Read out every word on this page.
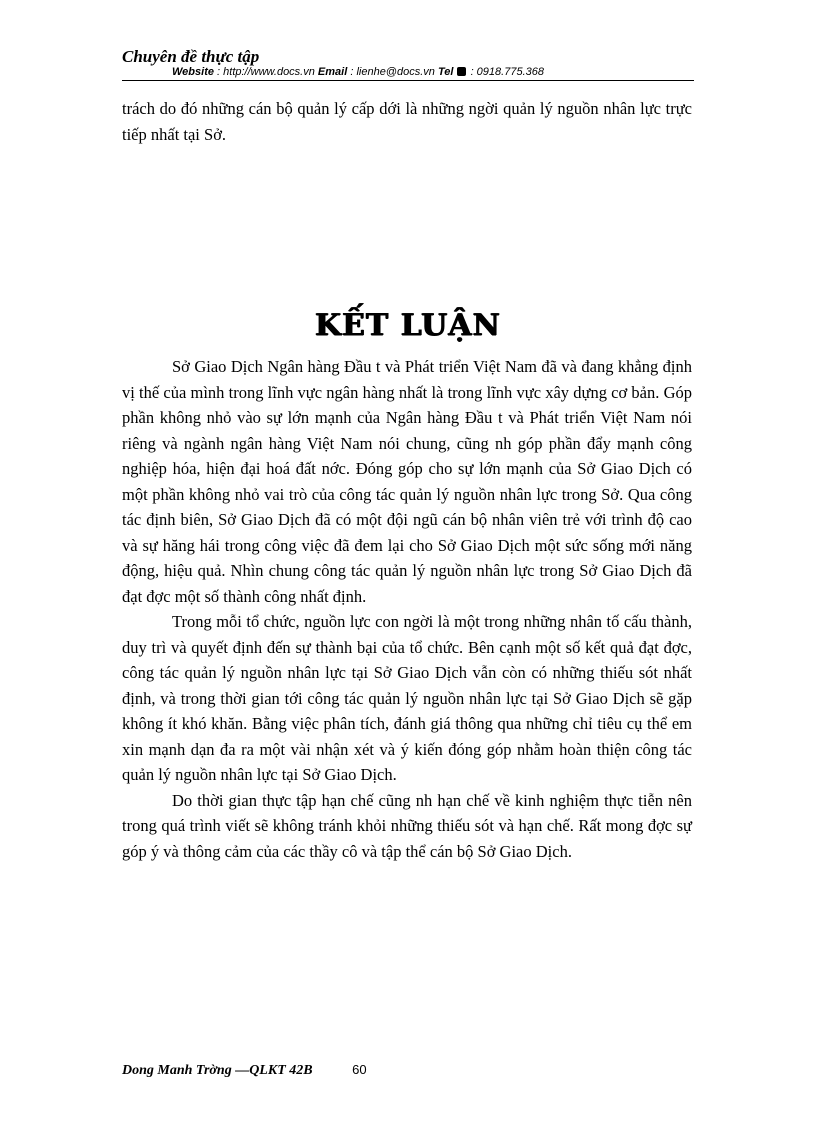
Chuyên đề thực tập
Website : http://www.docs.vn Email : lienhe@docs.vn Tel  : 0918.775.368

trách do đó những cán bộ quản lý cấp dới là những ngời quản lý nguồn nhân lực trực tiếp nhất tại Sở.

KẾT LUẬN

Sở Giao Dịch Ngân hàng Đầu t và Phát triển Việt Nam đã và đang khẳng định vị thế của mình trong lĩnh vực ngân hàng nhất là trong lĩnh vực xây dựng cơ bản. Góp phần không nhỏ vào sự lớn mạnh của Ngân hàng Đầu t và Phát triển Việt Nam nói riêng và ngành ngân hàng Việt Nam nói chung, cũng nh góp phần đẩy mạnh công nghiệp hóa, hiện đại hoá đất nớc. Đóng góp cho sự lớn mạnh của Sở Giao Dịch có một phần không nhỏ vai trò của công tác quản lý nguồn nhân lực trong Sở. Qua công tác định biên, Sở Giao Dịch đã có một đội ngũ cán bộ nhân viên trẻ với trình độ cao và sự hăng hái trong công việc đã đem lại cho Sở Giao Dịch một sức sống mới năng động, hiệu quả. Nhìn chung công tác quản lý nguồn nhân lực trong Sở Giao Dịch đã đạt đợc một số thành công nhất định.

Trong mỗi tổ chức, nguồn lực con ngời là một trong những nhân tố cấu thành, duy trì và quyết định đến sự thành bại của tổ chức. Bên cạnh một số kết quả đạt đợc, công tác quản lý nguồn nhân lực tại Sở Giao Dịch vẫn còn có những thiếu sót nhất định, và trong thời gian tới công tác quản lý nguồn nhân lực tại Sở Giao Dịch sẽ gặp không ít khó khăn. Bằng việc phân tích, đánh giá thông qua những chỉ tiêu cụ thể em xin mạnh dạn đa ra một vài nhận xét và ý kiến đóng góp nhằm hoàn thiện công tác quản lý nguồn nhân lực tại Sở Giao Dịch.

Do thời gian thực tập hạn chế cũng nh hạn chế về kinh nghiệm thực tiễn nên trong quá trình viết sẽ không tránh khỏi những thiếu sót và hạn chế. Rất mong đợc sự góp ý và thông cảm của các thầy cô và tập thể cán bộ Sở Giao Dịch.

Dong Manh Trờng —QLKT 42B	60
